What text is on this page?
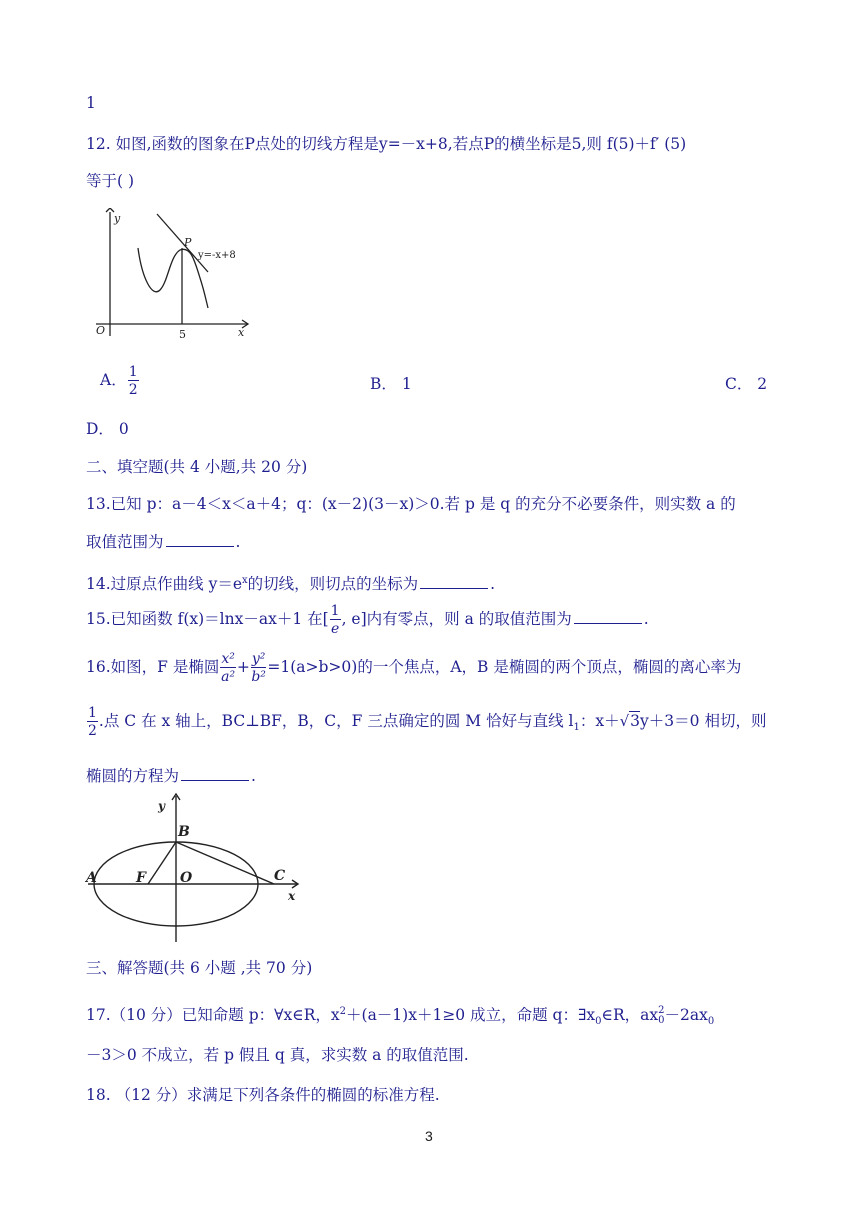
1
12. 如图,函数的图象在P点处的切线方程是y=－x+8,若点P的横坐标是5,则 f(5)＋f′ (5)
等于( )
y
O	5	x
P
y=-x+8
A． $\frac{1}{2}$	B． 1	C． 2
D． 0
二、填空题(共 4 小题,共 20 分)
13.已知 p：a－4＜x＜a＋4；q：(x－2)(3－x)＞0.若 p 是 q 的充分不必要条件，则实数 a 的
取值范围为	.
14.过原点作曲线 $y=e^x$的切线，则切点的坐标为	.
15.已知函数 f(x)＝lnx－ax＋1 在[ $\frac{1}{e}$ , e]内有零点，则 a 的取值范围为	.
16.如图，F 是椭圆 $\frac{\text{x²}}{\text{a²}} + \frac{\text{y²}}{\text{b²}} =1(a>b>0)$的一个焦点，A，B 是椭圆的两个顶点，椭圆的离心率为
$\frac{1}{2}$ .点 C 在 x 轴上，BC⊥BF，B，C，F 三点确定的圆 M 恰好与直线 $l_1$：x＋√3y＋3＝0 相切，则
椭圆的方程为	.
B
y
A	F O	C
x
三、解答题(共 6 小题 ,共 70 分)
17.（10 分）已知命题 p：∀x∈R，$x^2+(a-1)x+1\ge 0$ 成立，命题 q：$\exists x_0\in R$，ax 2
$0 -2ax_0$
－3＞0 不成立，若 p 假且 q 真，求实数 a 的取值范围.
18. （12 分）求满足下列各条件的椭圆的标准方程.
3
